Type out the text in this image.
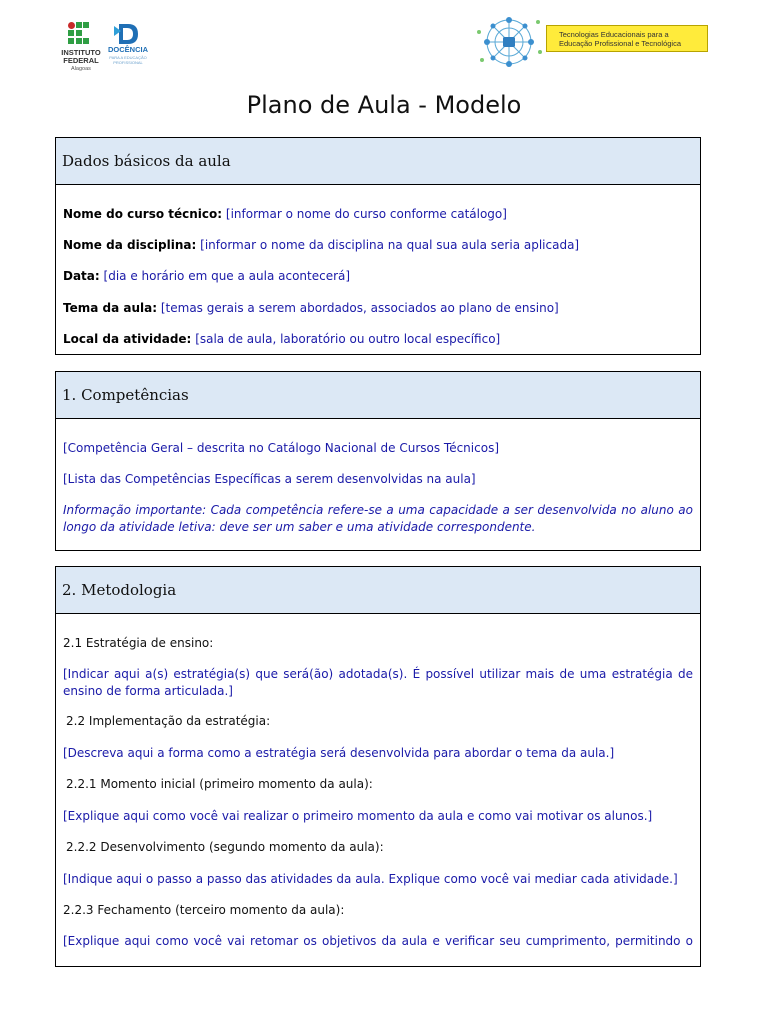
INSTITUTO
FEDERAL
Alagoas
DOCÊNCIA
PARA A EDUCAÇÃO PROFISSIONAL
Tecnologias Educacionais para a Educação Profissional e Tecnológica
Plano de Aula - Modelo
Dados básicos da aula
Nome do curso técnico: [informar o nome do curso conforme catálogo]
Nome da disciplina: [informar o nome da disciplina na qual sua aula seria aplicada]
Data: [dia e horário em que a aula acontecerá]
Tema da aula: [temas gerais a serem abordados, associados ao plano de ensino]
Local da atividade: [sala de aula, laboratório ou outro local específico]
1. Competências
[Competência Geral – descrita no Catálogo Nacional de Cursos Técnicos]
[Lista das Competências Específicas a serem desenvolvidas na aula]
Informação importante: Cada competência refere-se a uma capacidade a ser desenvolvida no aluno ao longo da atividade letiva: deve ser um saber e uma atividade correspondente.
2. Metodologia
2.1 Estratégia de ensino:
[Indicar aqui a(s) estratégia(s) que será(ão) adotada(s). É possível utilizar mais de uma estratégia de ensino de forma articulada.]
2.2 Implementação da estratégia:
[Descreva aqui a forma como a estratégia será desenvolvida para abordar o tema da aula.]
2.2.1 Momento inicial (primeiro momento da aula):
[Explique aqui como você vai realizar o primeiro momento da aula e como vai motivar os alunos.]
2.2.2 Desenvolvimento (segundo momento da aula):
[Indique aqui o passo a passo das atividades da aula. Explique como você vai mediar cada atividade.]
2.2.3 Fechamento (terceiro momento da aula):
[Explique aqui como você vai retomar os objetivos da aula e verificar seu cumprimento, permitindo o
